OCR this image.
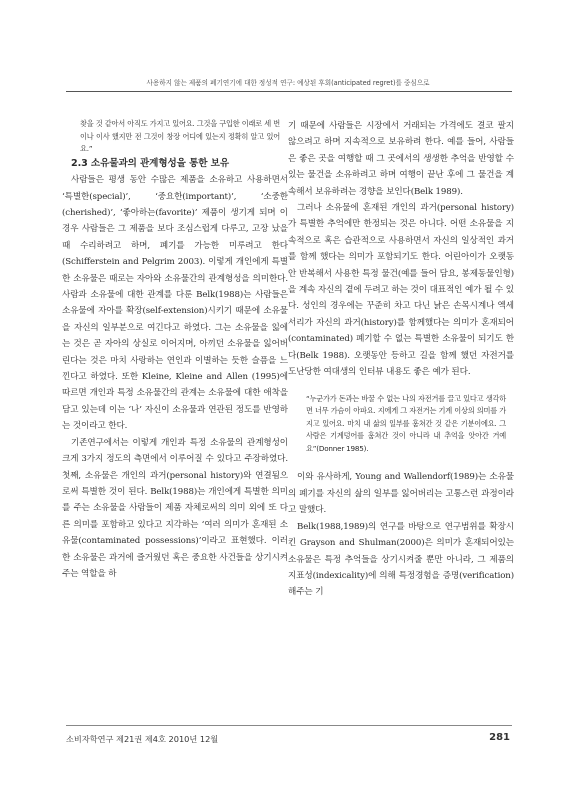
사용하지 않는 제품의 폐기연기에 대한 정성적 연구: 예상된 후회(anticipated regret)를 중심으로

찾을 것 같아서 아직도 가지고 있어요. 그것을 구입한 이래로 세 번이나 이사 했지만 전 그것이 창장 어디에 있는지 정확히 알고 있어요.”

2.3 소유물과의 관계형성을 통한 보유

사람들은 평생 동안 수많은 제품을 소유하고 사용하면서 ‘특별한(special)’, ‘중요한(important)’, ‘소중한(cherished)’, ‘좋아하는(favorite)’ 제품이 생기게 되며 이 경우 사람들은 그 제품을 보다 조심스럽게 다루고, 고장 났을 때 수리하려고 하며, 폐기를 가능한 미루려고 한다(Schifferstein and Pelgrim 2003). 이렇게 개인에게 특별한 소유물은 때로는 자아와 소유물간의 관계형성을 의미한다. 사람과 소유물에 대한 관계를 다룬 Belk(1988)는 사람들은 소유물에 자아를 확장(self-extension)시키기 때문에 소유물을 자신의 일부분으로 여긴다고 하였다. 그는 소유물을 잃에는 것은 곧 자아의 상실로 이어지며, 아끼던 소유물을 잃어버린다는 것은 마치 사랑하는 연인과 이별하는 듯한 슬픔을 느낀다고 하였다. 또한 Kleine, Kleine and Allen (1995)에 따르면 개인과 특정 소유물간의 관계는 소유물에 대한 애착을 담고 있는데 이는 ‘나’ 자신이 소유물과 연관된 정도를 반영하는 것이라고 한다.

기존연구에서는 이렇게 개인과 특정 소유물의 관계형성이 크게 3가지 정도의 측면에서 이루어질 수 있다고 주장하였다. 첫째, 소유물은 개인의 과거(personal history)와 연결됨으로써 특별한 것이 된다. Belk(1988)는 개인에게 특별한 의미를 주는 소유물을 사람들이 제품 자체로써의 의미 외에 또 다른 의미를 포함하고 있다고 지각하는 ‘여러 의미가 혼재된 소유물(contaminated possessions)’이라고 표현했다. 이러한 소유물은 과거에 즐거웠던 혹은 중요한 사건들을 상기시켜주는 역할을 하

기 때문에 사람들은 시장에서 거래되는 가격에도 결코 팔지 않으려고 하며 지속적으로 보유하려 한다. 예를 들어, 사람들은 좋은 곳을 여행할 때 그 곳에서의 생생한 추억을 반영할 수 있는 물건을 소유하려고 하며 여행이 끝난 후에 그 물건을 계속해서 보유하려는 경향을 보인다(Belk 1989).

그러나 소유물에 혼재된 개인의 과거(personal history)가 특별한 추억에만 한정되는 것은 아니다. 어떤 소유물을 지속적으로 혹은 습관적으로 사용하면서 자신의 일상적인 과거를 함께 했다는 의미가 포함되기도 한다. 어린아이가 오랫동안 반복해서 사용한 특정 물건(예를 들어 담요, 봉제동물인형)을 계속 자신의 곁에 두려고 하는 것이 대표적인 예가 될 수 있다. 성인의 경우에는 꾸준히 차고 다닌 낡은 손목시계나 엑세서리가 자신의 과거(history)를 함께했다는 의미가 혼재되어(contaminated) 폐기할 수 없는 특별한 소유물이 되기도 한다(Belk 1988). 오랫동안 등하고 길을 함께 했던 자전거를 도난당한 여대생의 인터뷰 내용도 좋은 예가 된다.

“누군가가 돈과는 바꿀 수 없는 나의 자전거를 끌고 있다고 생각하면 너무 가슴이 아파요. 지에게 그 자전거는 기계 이상의 의미를 가지고 있어요. 마치 내 삶의 일부를 훔쳐간 것 같은 기분이에요. 그 사람은 기계덩어를 훔쳐간 것이 아니라 내 추억을 앗아간 거예요”(Donner 1985).

이와 유사하게, Young and Wallendorf(1989)는 소유물의 폐기를 자신의 삶의 일부를 잃어버리는 고통스런 과정이라고 말했다.

Belk(1988,1989)의 연구를 바탕으로 연구범위를 확장시킨 Grayson and Shulman(2000)은 의미가 혼재되어있는 소유물은 특정 추억들을 상기시켜줄 뿐만 아니라, 그 제품의 지표성(indexicality)에 의해 특정경험을 증명(verification)해주는 기

소비자학연구 제21권 제4호 2010년 12월	281
